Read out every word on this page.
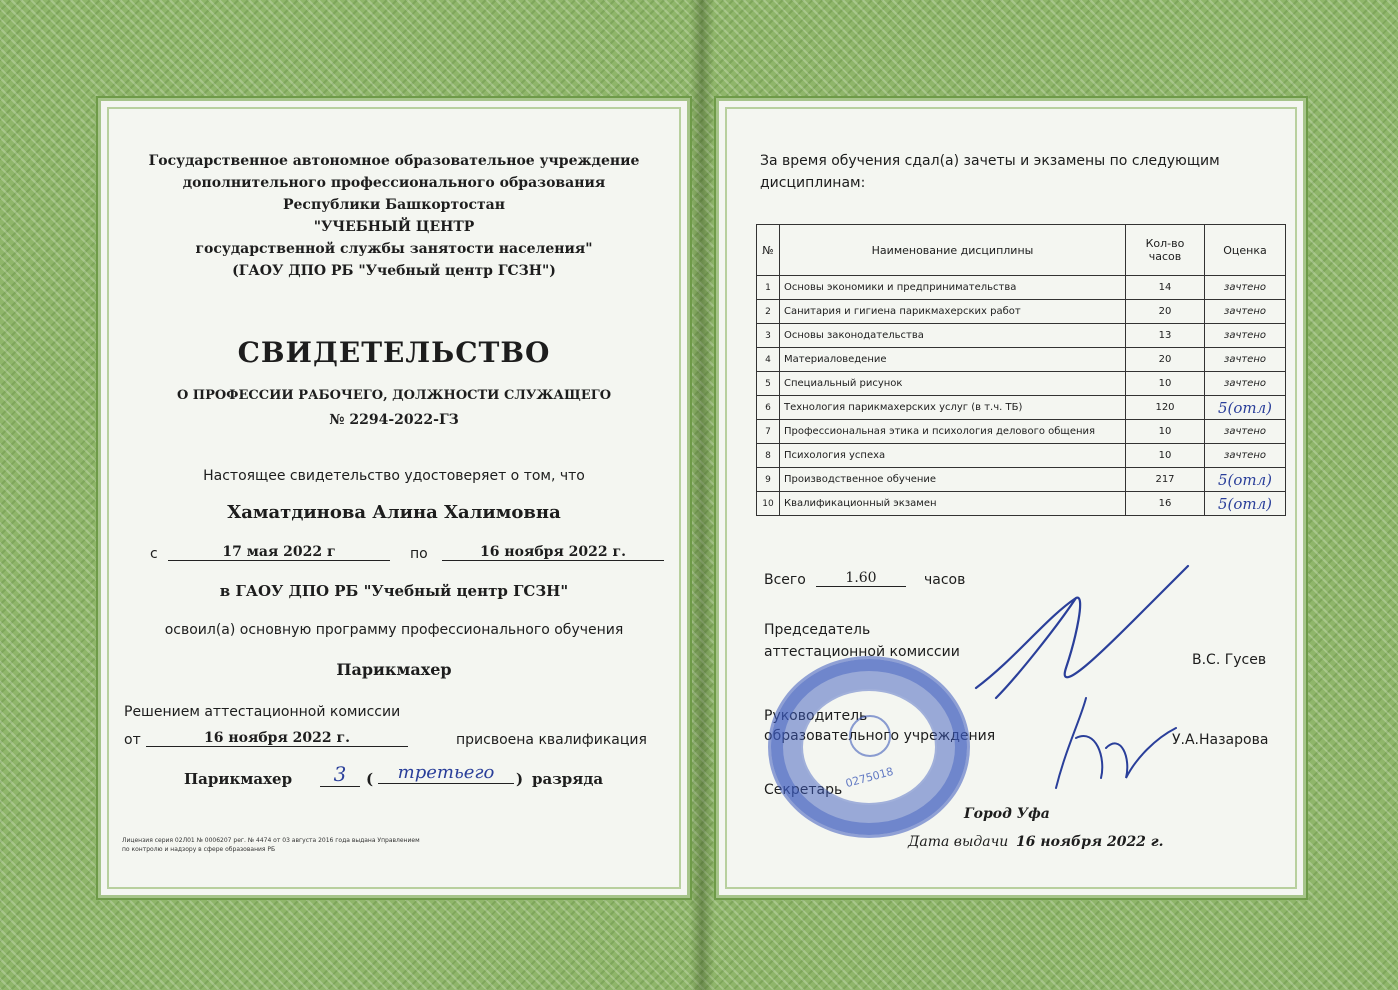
Государственное автономное образовательное учреждение
дополнительного профессионального образования
Республики Башкортостан
"УЧЕБНЫЙ ЦЕНТР
государственной службы занятости населения"
(ГАОУ ДПО РБ "Учебный центр ГСЗН")
СВИДЕТЕЛЬСТВО
О ПРОФЕССИИ РАБОЧЕГО, ДОЛЖНОСТИ СЛУЖАЩЕГО
№ 2294-2022-ГЗ
Настоящее свидетельство удостоверяет о том, что
Хаматдинова Алина Халимовна
с	17 мая 2022 г	по	16 ноября 2022 г.
в ГАОУ ДПО РБ "Учебный центр ГСЗН"
освоил(а) основную программу профессионального обучения
Парикмахер
Решением аттестационной комиссии
от	16 ноября 2022 г.	присвоена квалификация
Парикмахер	3	(	третьего	) разряда
Лицензия серия 02Л01 № 0006207 рег. № 4474 от 03 августа 2016 года выдана Управлением по контролю и надзору в сфере образования РБ
За время обучения сдал(а) зачеты и экзамены по следующим дисциплинам:
№	Наименование дисциплины	Кол-во часов	Оценка
1	Основы экономики и предпринимательства	14	зачтено
2	Санитария и гигиена парикмахерских работ	20	зачтено
3	Основы законодательства	13	зачтено
4	Материаловедение	20	зачтено
5	Специальный рисунок	10	зачтено
6	Технология парикмахерских услуг (в т.ч. ТБ)	120	5(отл)
7	Профессиональная этика и психология делового общения	10	зачтено
8	Психология успеха	10	зачтено
9	Производственное обучение	217	5(отл)
10	Квалификационный экзамен	16	5(отл)
Всего	1.60	часов
Председатель
аттестационной комиссии	В.С. Гусев
Руководитель
образовательного учреждения	У.А.Назарова
Секретарь
0275018
Город Уфа
Дата выдачи 16 ноября 2022 г.
